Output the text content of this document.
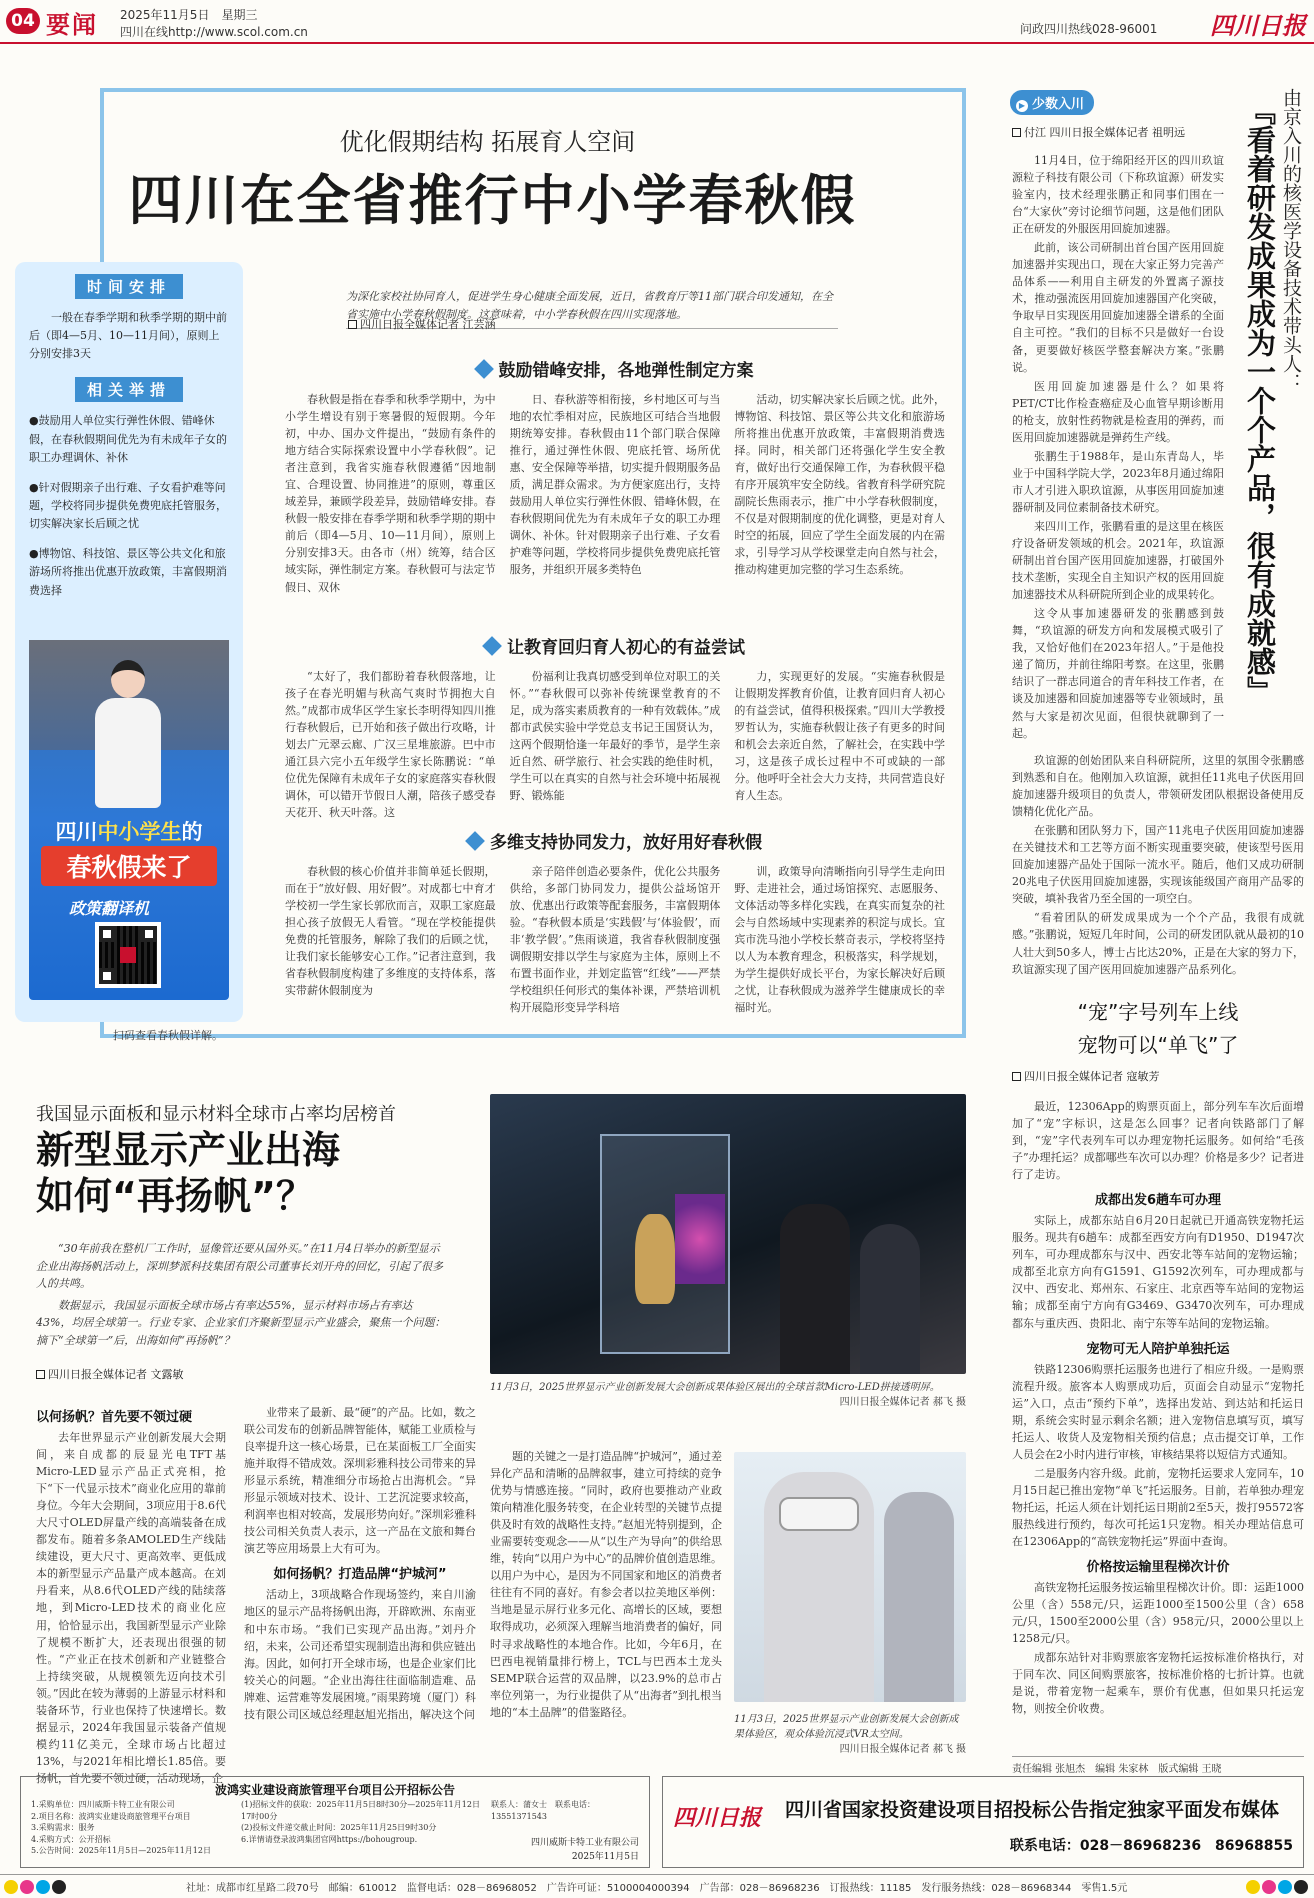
04 要闻 2025年11月5日　 星期三
四川在线http://www.scol.com.cn	问政四川热线028-96001 四川日报
优化假期结构 拓展育人空间
四川在全省推行中小学春秋假
为深化家校社协同育人，促进学生身心健康全面发展，近日，省教育厅等11部门联合印发通知，在全省实施中小学春秋假制度。这意味着，中小学春秋假在四川实现落地。
四川日报全媒体记者 江芸涵
鼓励错峰安排，各地弹性制定方案

春秋假是指在春季和秋季学期中，为中小学生增设有别于寒暑假的短假期。今年初，中办、国办文件提出，“鼓励有条件的地方结合实际探索设置中小学春秋假”。记者注意到，我省实施春秋假遵循“因地制宜、合理设置、协同推进”的原则，尊重区域差异，兼顾学段差异，鼓励错峰安排。春秋假一般安排在春季学期和秋季学期的期中前后（即4—5月、10—11月间），原则上分别安排3天。由各市（州）统筹，结合区域实际，弹性制定方案。春秋假可与法定节假日、双休

日、春秋游等相衔接，乡村地区可与当地的农忙季相对应，民族地区可结合当地假期统筹安排。春秋假由11个部门联合保障推行，通过弹性休假、兜底托管、场所优惠、安全保障等举措，切实提升假期服务品质，满足群众需求。为方便家庭出行，支持鼓励用人单位实行弹性休假、错峰休假，在春秋假期间优先为有未成年子女的职工办理调休、补休。针对假期亲子出行难、子女看护难等问题，学校将同步提供免费兜底托管服务，并组织开展多类特色

活动，切实解决家长后顾之忧。此外，博物馆、科技馆、景区等公共文化和旅游场所将推出优惠开放政策，丰富假期消费选择。同时，相关部门还将强化学生安全教育，做好出行交通保障工作，为春秋假平稳有序开展筑牢安全防线。省教育科学研究院副院长焦雨表示，推广中小学春秋假制度，不仅是对假期制度的优化调整，更是对育人时空的拓展，回应了学生全面发展的内在需求，引导学习从学校课堂走向自然与社会，推动构建更加完整的学习生态系统。

让教育回归育人初心的有益尝试

“太好了，我们都盼着春秋假落地，让孩子在春光明媚与秋高气爽时节拥抱大自然。”成都市成华区学生家长李明得知四川推行春秋假后，已开始和孩子做出行攻略，计划去广元翠云廊、广汉三星堆旅游。巴中市通江县六完小五年级学生家长陈鹏说：“单位优先保障有未成年子女的家庭落实春秋假调休，可以错开节假日人潮，陪孩子感受春天花开、秋天叶落。这

份福利让我真切感受到单位对职工的关怀。”“春秋假可以弥补传统课堂教育的不足，成为落实素质教育的一种有效载体。”成都市武侯实验中学党总支书记王国贤认为，这两个假期恰逢一年最好的季节，是学生亲近自然、研学旅行、社会实践的绝佳时机，学生可以在真实的自然与社会环境中拓展视野、锻炼能

力，实现更好的发展。“实施春秋假是让假期发挥教育价值，让教育回归育人初心的有益尝试，值得积极探索。”四川大学教授罗哲认为，实施春秋假让孩子有更多的时间和机会去亲近自然，了解社会，在实践中学习，这是孩子成长过程中不可或缺的一部分。他呼吁全社会大力支持，共同营造良好育人生态。

多维支持协同发力，放好用好春秋假

春秋假的核心价值并非简单延长假期，而在于“放好假、用好假”。对成都七中育才学校初一学生家长郭欣而言，双职工家庭最担心孩子放假无人看管。“现在学校能提供免费的托管服务，解除了我们的后顾之忧，让我们家长能够安心工作。”记者注意到，我省春秋假制度构建了多维度的支持体系，落实带薪休假制度为

亲子陪伴创造必要条件，优化公共服务供给，多部门协同发力，提供公益场馆开放、优惠出行政策等配套服务，丰富假期体验。“春秋假本质是‘实践假’与‘体验假’，而非‘教学假’。”焦雨谈道，我省春秋假制度强调假期安排以学生与家庭为主体，原则上不布置书面作业，并划定监管“红线”——严禁学校组织任何形式的集体补课，严禁培训机构开展隐形变异学科培

训，政策导向清晰指向引导学生走向田野、走进社会，通过场馆探究、志愿服务、文体活动等多样化实践，在真实而复杂的社会与自然场域中实现素养的积淀与成长。宜宾市洗马池小学校长蔡奇表示，学校将坚持以人为本教育理念，积极落实，科学规划，为学生提供好成长平台，为家长解决好后顾之忧，让春秋假成为滋养学生健康成长的幸福时光。

时间安排
一般在春季学期和秋季学期的期中前后（即4—5月、10—11月间），原则上分别安排3天
相关举措
●鼓励用人单位实行弹性休假、错峰休假，在春秋假期间优先为有未成年子女的职工办理调休、补休
●针对假期亲子出行难、子女看护难等问题，学校将同步提供免费兜底托管服务，切实解决家长后顾之忧
●博物馆、科技馆、景区等公共文化和旅游场所将推出优惠开放政策，丰富假期消费选择
四川中小学生的
春秋假来了
政策翻译机
扫码查看春秋假详解。
▶ 少数入川	由京入川的核医学设备技术带头人：
『看着研发成果成为一个个产品，很有成就感』
付江 四川日报全媒体记者 祖明远

11月4日，位于绵阳经开区的四川玖谊源粒子科技有限公司（下称玖谊源）研发实验室内，技术经理张鹏正和同事们围在一台“大家伙”旁讨论细节问题，这是他们团队正在研发的外服医用回旋加速器。

此前，该公司研制出首台国产医用回旋加速器并实现出口，现在大家正努力完善产品体系——利用自主研发的外置离子源技术，推动强流医用回旋加速器国产化突破，争取早日实现医用回旋加速器全谱系的全面自主可控。“我们的目标不只是做好一台设备，更要做好核医学整套解决方案。”张鹏说。

医用回旋加速器是什么？如果将PET/CT比作检查癌症及心血管早期诊断用的枪支，放射性药物就是检查用的弹药，而医用回旋加速器就是弹药生产线。

张鹏生于1988年，是山东青岛人，毕业于中国科学院大学，2023年8月通过绵阳市人才引进入职玖谊源，从事医用回旋加速器研制及同位素制备技术研究。

来四川工作，张鹏看重的是这里在核医疗设备研发领域的机会。2021年，玖谊源研制出首台国产医用回旋加速器，打破国外技术垄断，实现全自主知识产权的医用回旋加速器技术从科研院所到企业的成果转化。

这令从事加速器研发的张鹏感到鼓舞，“玖谊源的研发方向和发展模式吸引了我，又恰好他们在2023年招人。”于是他投递了简历，并前往绵阳考察。在这里，张鹏结识了一群志同道合的青年科技工作者，在谈及加速器和回旋加速器等专业领域时，虽然与大家是初次见面，但很快就聊到了一起。

玖谊源的创始团队来自科研院所，这里的氛围令张鹏感到熟悉和自在。他刚加入玖谊源，就担任11兆电子伏医用回旋加速器升级项目的负责人，带领研发团队根据设备使用反馈精化优化产品。

在张鹏和团队努力下，国产11兆电子伏医用回旋加速器在关键技术和工艺等方面不断实现重要突破，使该型号医用回旋加速器产品处于国际一流水平。随后，他们又成功研制20兆电子伏医用回旋加速器，实现该能级国产商用产品零的突破，填补我省乃至全国的一项空白。

“看着团队的研发成果成为一个个产品，我很有成就感。”张鹏说，短短几年时间，公司的研发团队就从最初的10人壮大到50多人，博士占比达20%，正是在大家的努力下，玖谊源实现了国产医用回旋加速器产品系列化。

“宠”字号列车上线
宠物可以“单飞”了
四川日报全媒体记者 寇敏芳

最近，12306App的购票页面上，部分列车车次后面增加了“宠”字标识，这是怎么回事？记者向铁路部门了解到，“宠”字代表列车可以办理宠物托运服务。如何给“毛孩子”办理托运？成都哪些车次可以办理？价格是多少？记者进行了走访。

成都出发6趟车可办理

实际上，成都东站自6月20日起就已开通高铁宠物托运服务。现共有6趟车：成都至西安方向有D1950、D1947次列车，可办理成都东与汉中、西安北等车站间的宠物运输；成都至北京方向有G1591、G1592次列车，可办理成都与汉中、西安北、郑州东、石家庄、北京西等车站间的宠物运输；成都至南宁方向有G3469、G3470次列车，可办理成都东与重庆西、贵阳北、南宁东等车站间的宠物运输。

宠物可无人陪护单独托运

铁路12306购票托运服务也进行了相应升级。一是购票流程升级。旅客本人购票成功后，页面会自动显示“宠物托运”入口，点击“预约下单”，选择出发站、到达站和托运日期，系统会实时显示剩余名额；进入宠物信息填写页，填写托运人、收货人及宠物相关预约信息；点击提交订单，工作人员会在2小时内进行审核，审核结果将以短信方式通知。

二是服务内容升级。此前，宠物托运要求人宠同车，10月15日起已推出宠物“单飞”托运服务。目前，若单独办理宠物托运，托运人须在计划托运日期前2至5天，拨打95572客服热线进行预约，每次可托运1只宠物。相关办理站信息可在12306App的“高铁宠物托运”界面中查询。

价格按运输里程梯次计价

高铁宠物托运服务按运输里程梯次计价。即：运距1000公里（含）558元/只，运距1000至1500公里（含）658元/只，1500至2000公里（含）958元/只，2000公里以上1258元/只。

成都东站针对非购票旅客宠物托运按标准价格执行，对于同车次、同区间购票旅客，按标准价格的七折计算。也就是说，带着宠物一起乘车，票价有优惠，但如果只托运宠物，则按全价收费。

责任编辑 张旭杰　编辑 朱家林　版式编辑 王晓
我国显示面板和显示材料全球市占率均居榜首
新型显示产业出海
如何“再扬帆”？

“30年前我在整机厂工作时，显像管还要从国外买。”在11月4日举办的新型显示企业出海扬帆活动上，深圳梦派科技集团有限公司董事长刘开舟的回忆，引起了很多人的共鸣。

数据显示，我国显示面板全球市场占有率达55%，显示材料市场占有率达43%，均居全球第一。行业专家、企业家们齐聚新型显示产业盛会，聚焦一个问题：摘下“全球第一”后，出海如何“再扬帆”？

四川日报全媒体记者 文露敏
以何扬帆？首先要不领过硬

去年世界显示产业创新发展大会期间，来自成都的辰显光电TFT基Micro-LED显示产品正式亮相，抢下“下一代显示技术”商业化应用的靠前身位。今年大会期间，3项应用于8.6代大尺寸OLED屏量产线的高端装备在成都发布。随着多条AMOLED生产线陆续建设，更大尺寸、更高效率、更低成本的新型显示产品量产成本越高。在刘丹看来，从8.6代OLED产线的陆续落地，到Micro-LED技术的商业化应用，恰恰显示出，我国新型显示产业除了规模不断扩大，还表现出很强的韧性。“产业正在技术创新和产业链整合上持续突破，从规模领先迈向技术引领。”因此在较为薄弱的上游显示材料和装备环节，行业也保持了快速增长。数据显示，2024年我国显示装备产值规模约11亿美元，全球市场占比超过13%，与2021年相比增长1.85倍。要扬帆，首先要不领过硬，活动现场，企

业带来了最新、最“硬”的产品。比如，数之联公司发布的创新品牌智能体，赋能工业质检与良率提升这一核心场景，已在某面板工厂全面实施并取得不错成效。深圳彩雅科技公司带来的异形显示系统，精准细分市场抢占出海机会。“异形显示领域对技术、设计、工艺沉淀要求较高，利润率也相对较高，发展形势向好。”深圳彩雅科技公司相关负责人表示，这一产品在文旅和舞台演艺等应用场景上大有可为。

如何扬帆？打造品牌“护城河”

活动上，3项战略合作现场签约，来自川渝地区的显示产品将扬帆出海，开辟欧洲、东南亚和中东市场。“我们已实现产品出海。”刘丹介绍，未来，公司还希望实现制造出海和供应链出海。因此，如何打开全球市场，也是企业家们比较关心的问题。“企业出海往往面临制造难、品牌难、运营难等发展困境。”雨果跨境（厦门）科技有限公司区域总经理赵旭光指出，解决这个问

题的关键之一是打造品牌“护城河”，通过差异化产品和清晰的品牌叙事，建立可持续的竞争优势与情感连接。“同时，政府也要推动产业政策向精准化服务转变，在企业转型的关键节点提供及时有效的战略性支持。”赵旭光特别提到，企业需要转变观念——从“以生产为导向”的供给思维，转向“以用户为中心”的品牌价值创造思维。以用户为中心，是因为不同国家和地区的消费者往往有不同的喜好。有参会者以拉美地区举例：当地是显示屏行业多元化、高增长的区域，要想取得成功，必须深入理解当地消费者的偏好，同时寻求战略性的本地合作。比如，今年6月，在巴西电视销量排行榜上，TCL与巴西本土龙头SEMP联合运营的双品牌，以23.9%的总市占率位列第一，为行业提供了从“出海者”到扎根当地的“本土品牌”的借鉴路径。

11月3日，2025世界显示产业创新发展大会创新成果体验区展出的全球首款Micro-LED拼接透明屏。
四川日报全媒体记者 郝飞 摄
11月3日，2025世界显示产业创新发展大会创新成果体验区，观众体验沉浸式VR太空间。
四川日报全媒体记者 郝飞 摄
波鸿实业建设商旅管理平台项目公开招标公告
1.采购单位：四川威斯卡特工业有限公司
2.项目名称：波鸿实业建设商旅管理平台项目
3.采购需求：服务
4.采购方式：公开招标
5.公告时间：2025年11月5日—2025年11月12日
(1)招标文件的获取：2025年11月5日8时30分—2025年11月12日17时00分
(2)投标文件递交截止时间：2025年11月25日9时30分
6.详情请登录波鸿集团官网https://bohougroup.
联系人：蒲女士　联系电话：13551371543
四川威斯卡特工业有限公司
2025年11月5日
四川日报 四川省国家投资建设项目招投标公告指定独家平面发布媒体
联系电话：028－86968236　86968855
社址：成都市红星路二段70号　邮编：610012　监督电话：028－86968052　广告许可证：5100004000394　广告部：028－86968236　订报热线：11185　发行服务热线：028－86968344　零售1.5元
